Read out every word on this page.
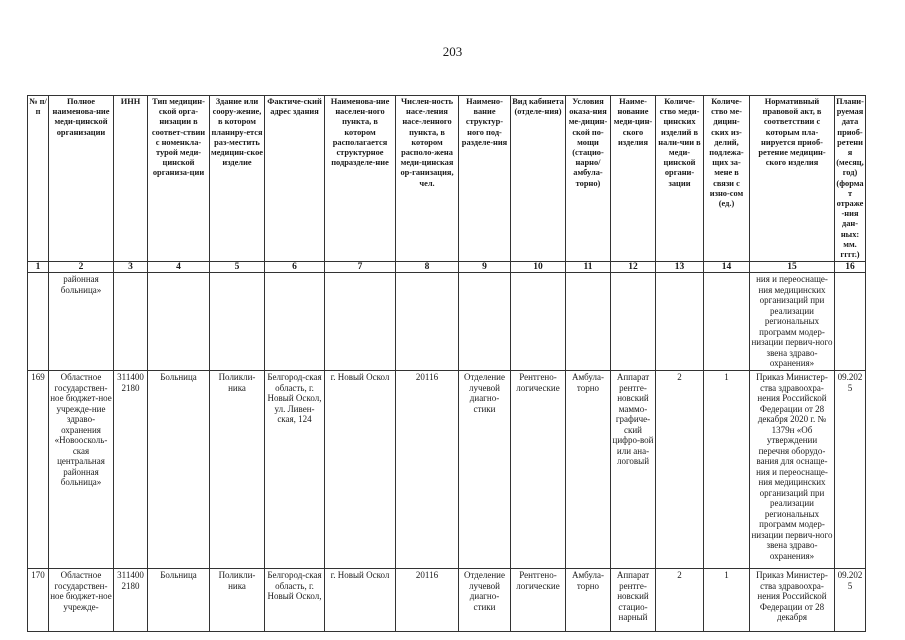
203
№ п/п	Полное наименова-ние меди-цинской организации	ИНН	Тип медицин-ской орга-низации в соответ-ствии с номенкла-турой меди-цинской организа-ции	Здание или соору-жение, в котором планиру-ется раз-местить медицин-ское изделие	Фактиче-ский адрес здания	Наименова-ние населен-ного пункта, в котором располагается структурное подразделе-ние	Числен-ность насе-ления насе-ленного пункта, в котором располо-жена меди-цинская ор-ганизация, чел.	Наимено-вание структур-ного под-разделе-ния	Вид кабинета (отделе-ния)	Условия оказа-ния ме-дицин-ской по-мощи (стацио-нарно/ амбула-торно)	Наиме-нование меди-цин-ского изделия	Количе-ство меди-цинских изделий в нали-чии в меди-цинской органи-зации	Количе-ство ме-дицин-ских из-делий, подлежа-щих за-мене в связи с изно-сом (ед.)	Нормативный правовой акт, в соответствии с которым пла-нируется приоб-ретение медицин-ского изделия	Плани-руемая дата приоб-ретения (месяц, год) (формат отраже-ния дан-ных: мм. гггг.)
1	2	3	4	5	6	7	8	9	10	11	12	13	14	15	16
	районная больница»													ния и переоснаще-ния медицинских организаций при реализации региональных программ модер-низации первич-ного звена здраво-охранения»	
169	Областное государствен-ное бюджет-ное учрежде-ние здраво-охранения «Новоосколь-ская центральная районная больница»	311400 2180	Больница	Поликли-ника	Белгород-ская область, г. Новый Оскол, ул. Ливен-ская, 124	г. Новый Оскол	20116	Отделение лучевой диагно-стики	Рентгено-логические	Амбула-торно	Аппарат рентге-новский маммо-графиче-ский цифро-вой или ана-логовый	2	1	Приказ Министер-ства здравоохра-нения Российской Федерации от 28 декабря 2020 г. № 1379н «Об утверждении перечня оборудо-вания для оснаще-ния и переоснаще-ния медицинских организаций при реализации региональных программ модер-низации первич-ного звена здраво-охранения»	09.2025
170	Областное государствен-ное бюджет-ное учрежде-	311400 2180	Больница	Поликли-ника	Белгород-ская область, г. Новый Оскол,	г. Новый Оскол	20116	Отделение лучевой диагно-стики	Рентгено-логические	Амбула-торно	Аппарат рентге-новский стацио-нарный	2	1	Приказ Министер-ства здравоохра-нения Российской Федерации от 28 декабря	09.2025
